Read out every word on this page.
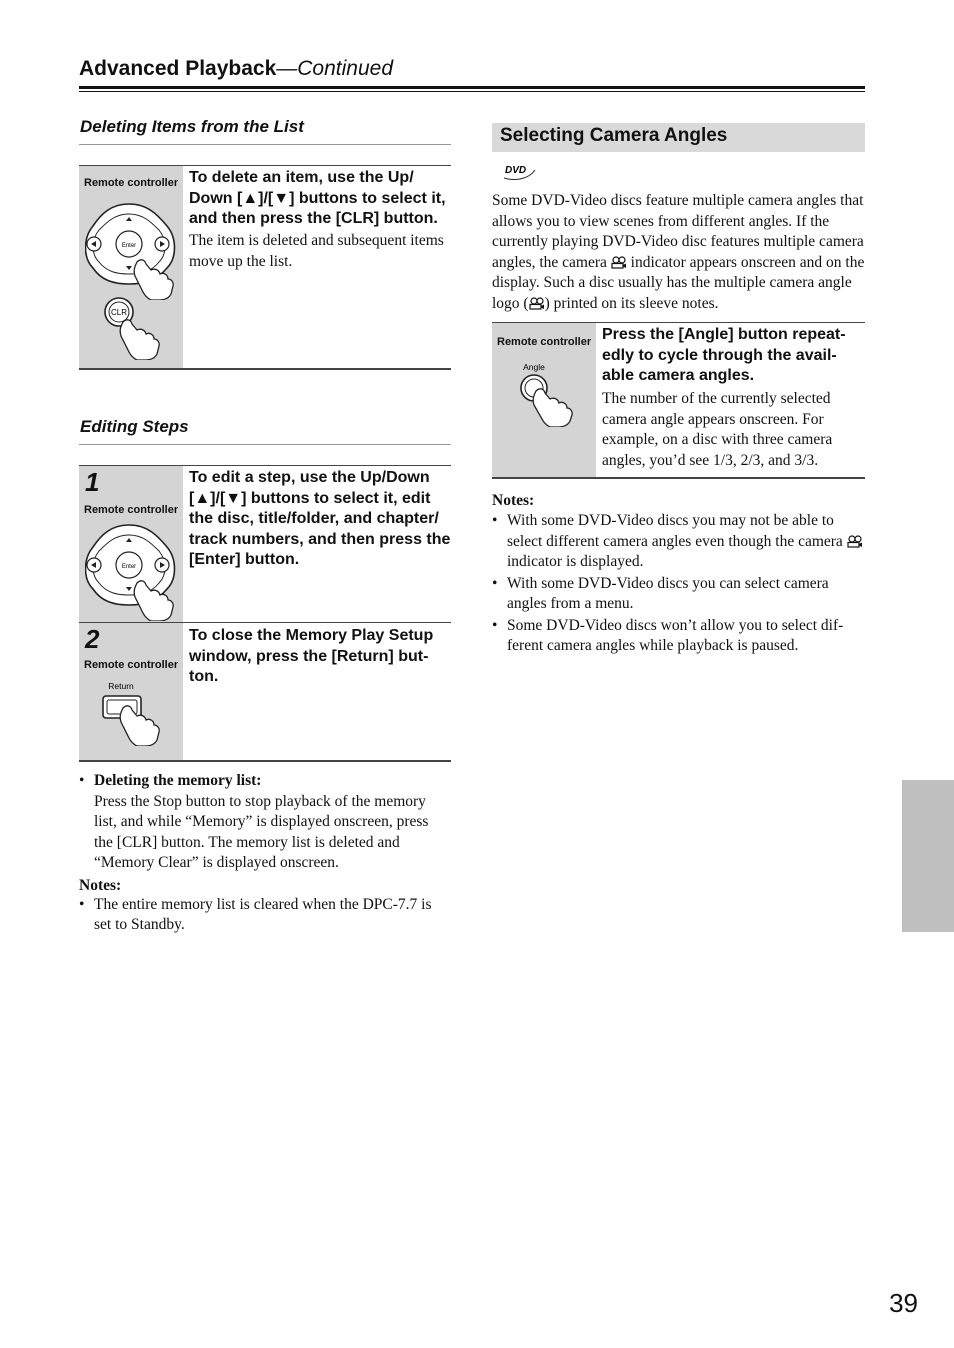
Advanced Playback—Continued
Deleting Items from the List
Remote controller
Enter
CLR
To delete an item, use the Up/ Down [▲]/[▼] buttons to select it, and then press the [CLR] button.
The item is deleted and subsequent items move up the list.
Editing Steps
1
Remote controller
Enter
To edit a step, use the Up/Down [▲]/[▼] buttons to select it, edit the disc, title/folder, and chapter/ track numbers, and then press the [Enter] button.
2
Remote controller
Return
To close the Memory Play Setup window, press the [Return] but- ton.
• Deleting the memory list:
Press the Stop button to stop playback of the memory list, and while “Memory” is displayed onscreen, press the [CLR] button. The memory list is deleted and “Memory Clear” is displayed onscreen.
Notes:
• The entire memory list is cleared when the DPC-7.7 is set to Standby.
Selecting Camera Angles
DVD
Some DVD-Video discs feature multiple camera angles that allows you to view scenes from different angles. If the currently playing DVD-Video disc features multiple camera angles, the camera indicator appears onscreen and on the display. Such a disc usually has the multiple camera angle logo ( ) printed on its sleeve notes.
Remote controller
Angle
Press the [Angle] button repeat- edly to cycle through the avail- able camera angles.
The number of the currently selected camera angle appears onscreen. For example, on a disc with three camera angles, you’d see 1/3, 2/3, and 3/3.
Notes:
• With some DVD-Video discs you may not be able to select different camera angles even though the camera  indicator is displayed.
• With some DVD-Video discs you can select camera angles from a menu.
• Some DVD-Video discs won’t allow you to select dif- ferent camera angles while playback is paused.
39
